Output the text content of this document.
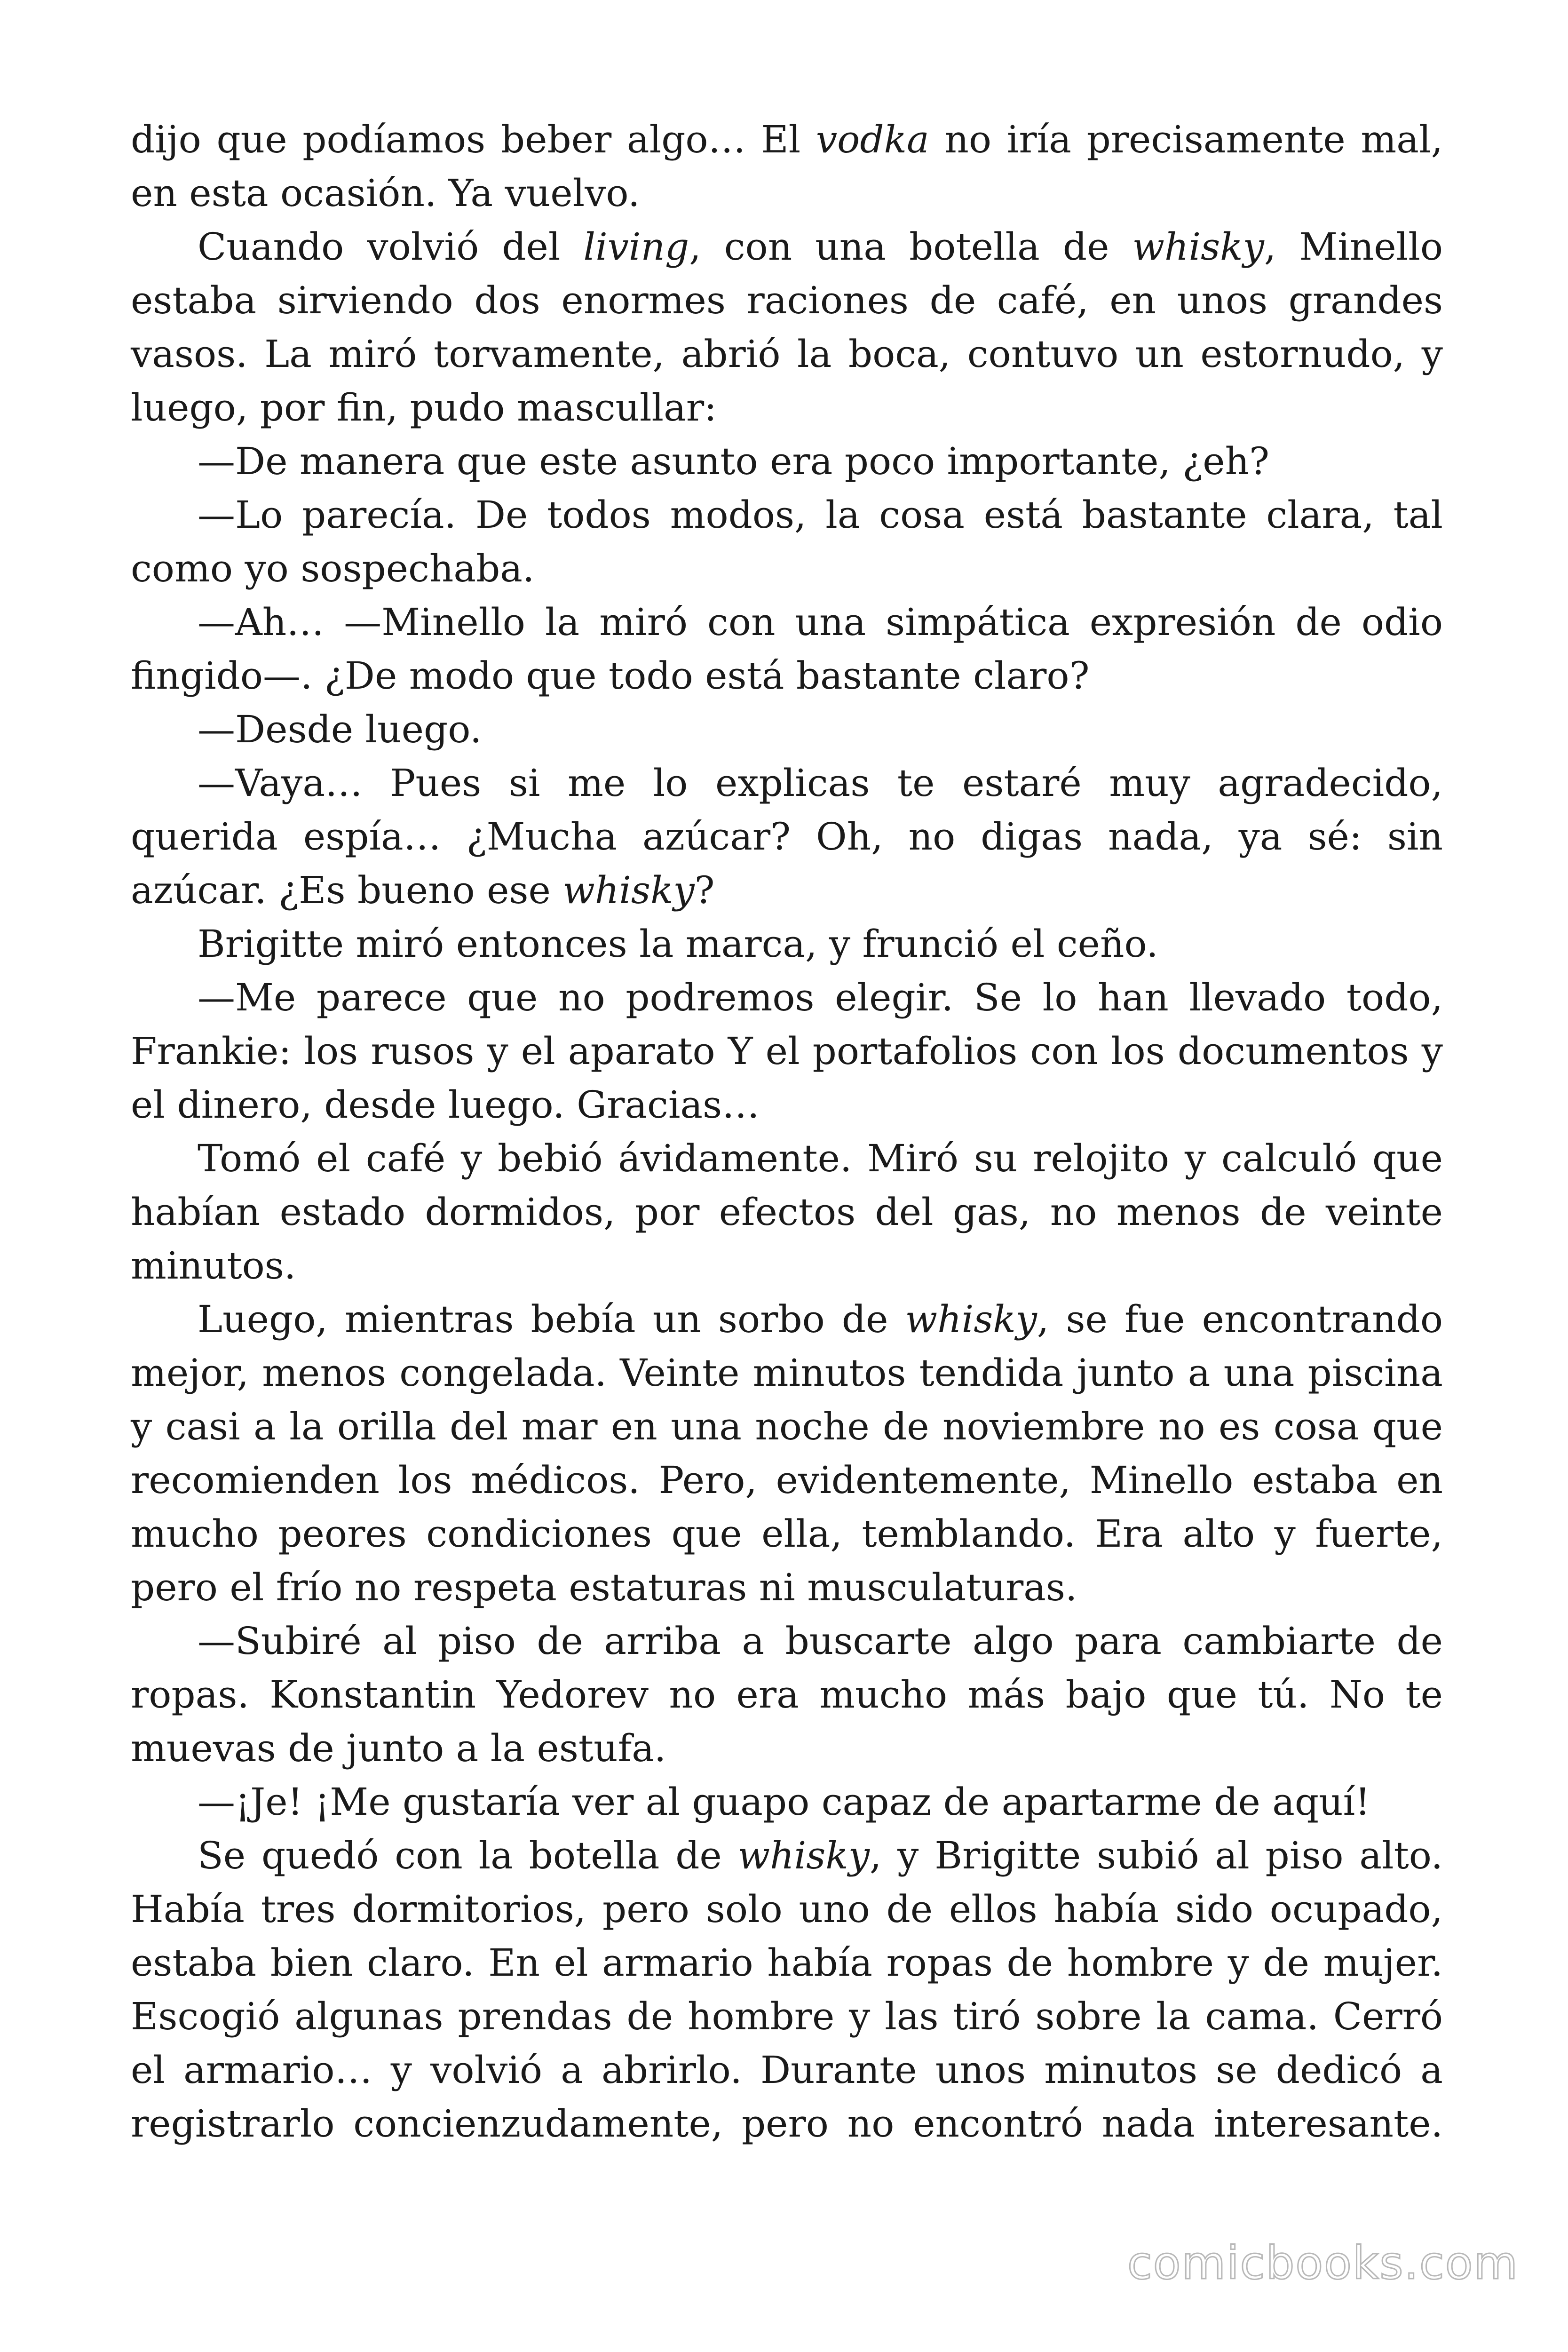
dijo que podíamos beber algo… El vodka no iría precisamente mal, en esta ocasión. Ya vuelvo.

Cuando volvió del living, con una botella de whisky, Minello estaba sirviendo dos enormes raciones de café, en unos grandes vasos. La miró torvamente, abrió la boca, contuvo un estornudo, y luego, por fin, pudo mascullar:

—De manera que este asunto era poco importante, ¿eh?

—Lo parecía. De todos modos, la cosa está bastante clara, tal como yo sospechaba.

—Ah… —Minello la miró con una simpática expresión de odio fingido—. ¿De modo que todo está bastante claro?

—Desde luego.

—Vaya… Pues si me lo explicas te estaré muy agradecido, querida espía… ¿Mucha azúcar? Oh, no digas nada, ya sé: sin azúcar. ¿Es bueno ese whisky?

Brigitte miró entonces la marca, y frunció el ceño.

—Me parece que no podremos elegir. Se lo han llevado todo, Frankie: los rusos y el aparato Y el portafolios con los documentos y el dinero, desde luego. Gracias…

Tomó el café y bebió ávidamente. Miró su relojito y calculó que habían estado dormidos, por efectos del gas, no menos de veinte minutos.

Luego, mientras bebía un sorbo de whisky, se fue encontrando mejor, menos congelada. Veinte minutos tendida junto a una piscina y casi a la orilla del mar en una noche de noviembre no es cosa que recomienden los médicos. Pero, evidentemente, Minello estaba en mucho peores condiciones que ella, temblando. Era alto y fuerte, pero el frío no respeta estaturas ni musculaturas.

—Subiré al piso de arriba a buscarte algo para cambiarte de ropas. Konstantin Yedorev no era mucho más bajo que tú. No te muevas de junto a la estufa.

—¡Je! ¡Me gustaría ver al guapo capaz de apartarme de aquí!

Se quedó con la botella de whisky, y Brigitte subió al piso alto. Había tres dormitorios, pero solo uno de ellos había sido ocupado, estaba bien claro. En el armario había ropas de hombre y de mujer. Escogió algunas prendas de hombre y las tiró sobre la cama. Cerró el armario… y volvió a abrirlo. Durante unos minutos se dedicó a registrarlo concienzudamente, pero no encontró nada interesante.

comicbooks.com
